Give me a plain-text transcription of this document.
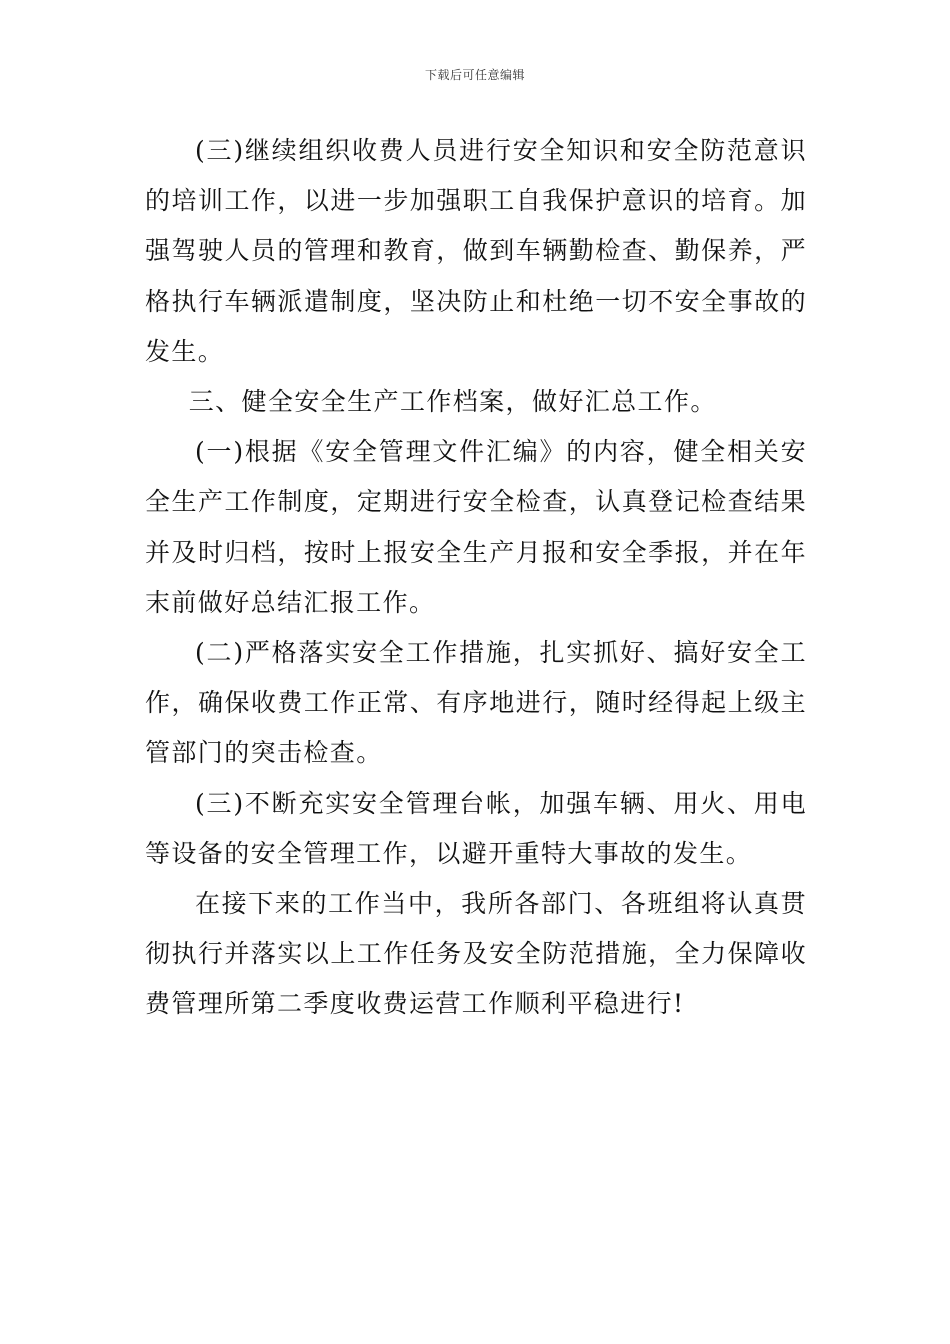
下载后可任意编辑

(三)继续组织收费人员进行安全知识和安全防范意识的培训工作，以进一步加强职工自我保护意识的培育。加强驾驶人员的管理和教育，做到车辆勤检查、勤保养，严格执行车辆派遣制度，坚决防止和杜绝一切不安全事故的发生。

三、健全安全生产工作档案，做好汇总工作。

(一)根据《安全管理文件汇编》的内容，健全相关安全生产工作制度，定期进行安全检查，认真登记检查结果并及时归档，按时上报安全生产月报和安全季报，并在年末前做好总结汇报工作。

(二)严格落实安全工作措施，扎实抓好、搞好安全工作，确保收费工作正常、有序地进行，随时经得起上级主管部门的突击检查。

(三)不断充实安全管理台帐，加强车辆、用火、用电等设备的安全管理工作，以避开重特大事故的发生。

在接下来的工作当中，我所各部门、各班组将认真贯彻执行并落实以上工作任务及安全防范措施，全力保障收费管理所第二季度收费运营工作顺利平稳进行!
